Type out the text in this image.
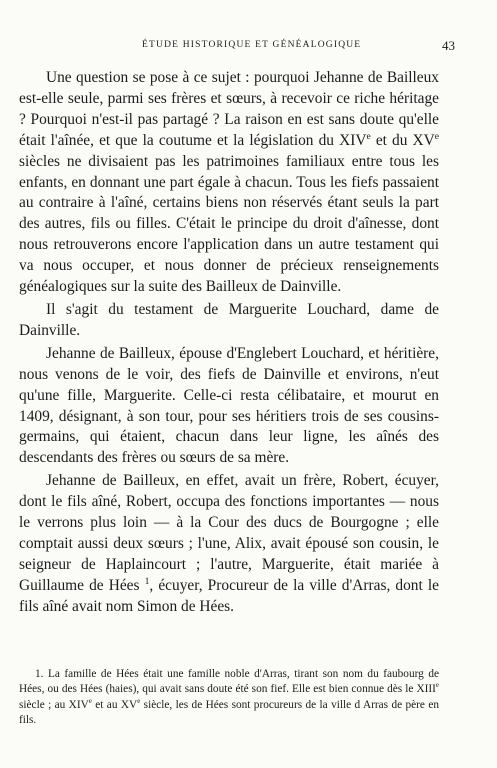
ÉTUDE HISTORIQUE ET GÉNÉALOGIQUE	43

Une question se pose à ce sujet : pourquoi Jehanne de Bailleux est-elle seule, parmi ses frères et sœurs, à recevoir ce riche héritage ? Pourquoi n'est-il pas partagé ? La raison en est sans doute qu'elle était l'aînée, et que la coutume et la législation du XIVe et du XVe siècles ne divisaient pas les patrimoines familiaux entre tous les enfants, en donnant une part égale à chacun. Tous les fiefs passaient au contraire à l'aîné, certains biens non réservés étant seuls la part des autres, fils ou filles. C'était le principe du droit d'aînesse, dont nous retrouverons encore l'application dans un autre testament qui va nous occuper, et nous donner de précieux renseignements généalogiques sur la suite des Bailleux de Dainville.

Il s'agit du testament de Marguerite Louchard, dame de Dainville.

Jehanne de Bailleux, épouse d'Englebert Louchard, et héritière, nous venons de le voir, des fiefs de Dainville et environs, n'eut qu'une fille, Marguerite. Celle-ci resta célibataire, et mourut en 1409, désignant, à son tour, pour ses héritiers trois de ses cousins-germains, qui étaient, chacun dans leur ligne, les aînés des descendants des frères ou sœurs de sa mère.

Jehanne de Bailleux, en effet, avait un frère, Robert, écuyer, dont le fils aîné, Robert, occupa des fonctions importantes — nous le verrons plus loin — à la Cour des ducs de Bourgogne ; elle comptait aussi deux sœurs ; l'une, Alix, avait épousé son cousin, le seigneur de Haplaincourt ; l'autre, Marguerite, était mariée à Guillaume de Hées $^1$, écuyer, Procureur de la ville d'Arras, dont le fils aîné avait nom Simon de Hées.

1. La famille de Hées était une famille noble d'Arras, tirant son nom du faubourg de Hées, ou des Hées (haies), qui avait sans doute été son fief. Elle est bien connue dès le XIIIe siècle ; au XIVe et au XVe siècle, les de Hées sont procureurs de la ville d Arras de père en fils.
